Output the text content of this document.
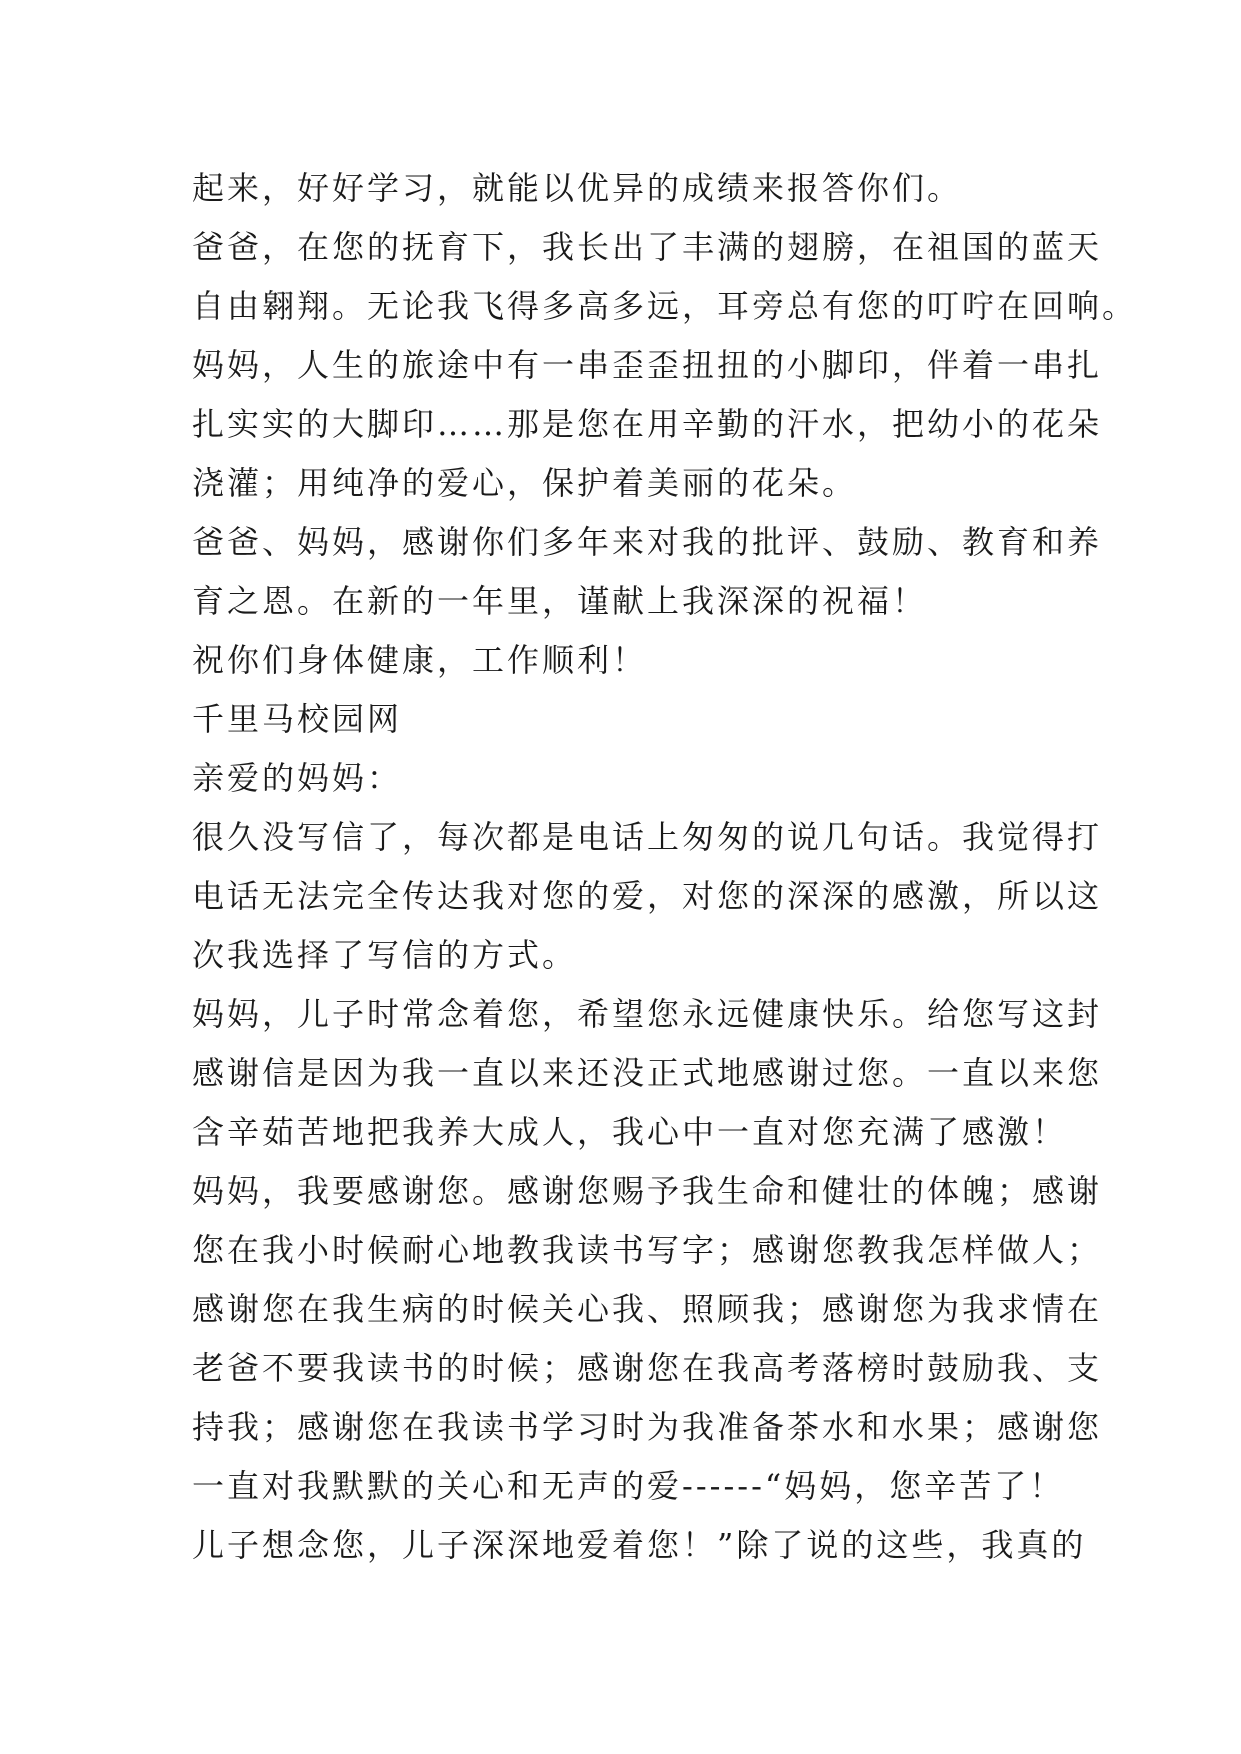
起来，好好学习，就能以优异的成绩来报答你们。

爸爸，在您的抚育下，我长出了丰满的翅膀，在祖国的蓝天

自由翱翔。无论我飞得多高多远，耳旁总有您的叮咛在回响。

妈妈，人生的旅途中有一串歪歪扭扭的小脚印，伴着一串扎

扎实实的大脚印……那是您在用辛勤的汗水，把幼小的花朵

浇灌；用纯净的爱心，保护着美丽的花朵。

爸爸、妈妈，感谢你们多年来对我的批评、鼓励、教育和养

育之恩。在新的一年里，谨献上我深深的祝福！

祝你们身体健康，工作顺利！

千里马校园网

亲爱的妈妈：

很久没写信了，每次都是电话上匆匆的说几句话。我觉得打

电话无法完全传达我对您的爱，对您的深深的感激，所以这

次我选择了写信的方式。

妈妈，儿子时常念着您，希望您永远健康快乐。给您写这封

感谢信是因为我一直以来还没正式地感谢过您。一直以来您

含辛茹苦地把我养大成人，我心中一直对您充满了感激！

妈妈，我要感谢您。感谢您赐予我生命和健壮的体魄；感谢

您在我小时候耐心地教我读书写字；感谢您教我怎样做人；

感谢您在我生病的时候关心我、照顾我；感谢您为我求情在

老爸不要我读书的时候；感谢您在我高考落榜时鼓励我、支

持我；感谢您在我读书学习时为我准备茶水和水果；感谢您

一直对我默默的关心和无声的爱------“妈妈，您辛苦了！

儿子想念您，儿子深深地爱着您！”除了说的这些，我真的
